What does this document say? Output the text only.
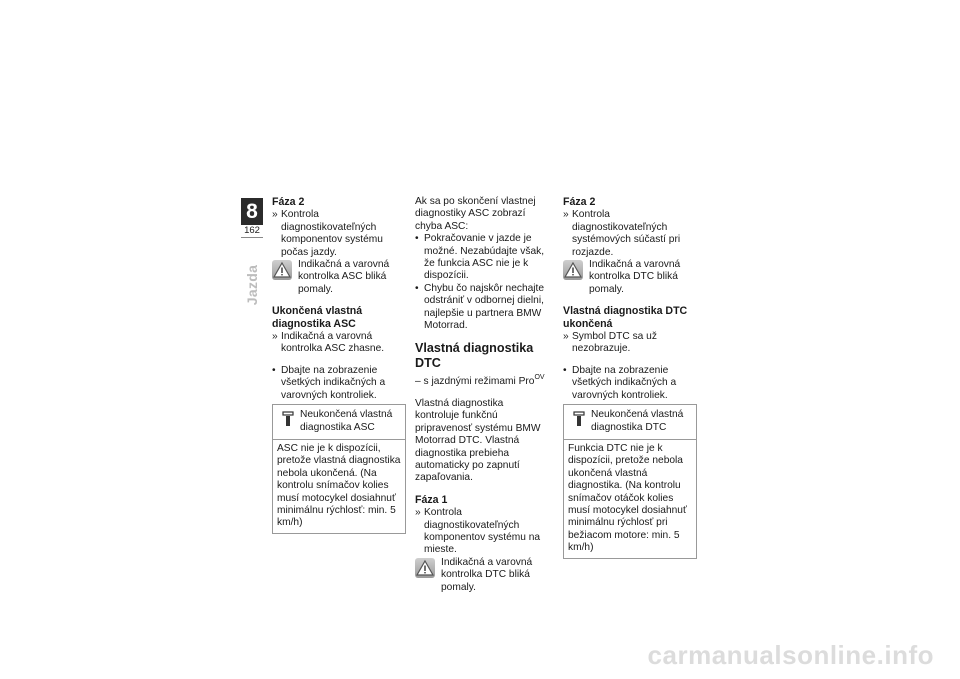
8
162
Jazda
Fáza 2
» Kontrola diagnostikovateľných komponentov systému počas jazdy.
Indikačná a varovná kontrolka ASC bliká pomaly.
Ukončená vlastná diagnostika ASC
» Indikačná a varovná kontrolka ASC zhasne.
• Dbajte na zobrazenie všetkých indikačných a varovných kontroliek.
Neukončená vlastná diagnostika ASC
ASC nie je k dispozícii, pretože vlastná diagnostika nebola ukončená. (Na kontrolu snímačov kolies musí motocykel dosiahnuť minimálnu rýchlosť: min. 5 km/h)
Ak sa po skončení vlastnej diagnostiky ASC zobrazí chyba ASC:
• Pokračovanie v jazde je možné. Nezabúdajte však, že funkcia ASC nie je k dispozícii.
• Chybu čo najskôr nechajte odstrániť v odbornej dielni, najlepšie u partnera BMW Motorrad.
Vlastná diagnostika DTC
– s jazdnými režimami Pro$^{OV}$
Vlastná diagnostika kontroluje funkčnú pripravenosť systému BMW Motorrad DTC. Vlastná diagnostika prebieha automaticky po zapnutí zapaľovania.
Fáza 1
» Kontrola diagnostikovateľných komponentov systému na mieste.
Indikačná a varovná kontrolka DTC bliká pomaly.
Fáza 2
» Kontrola diagnostikovateľných systémových súčastí pri rozjazde.
Indikačná a varovná kontrolka DTC bliká pomaly.
Vlastná diagnostika DTC ukončená
» Symbol DTC sa už nezobrazuje.
• Dbajte na zobrazenie všetkých indikačných a varovných kontroliek.
Neukončená vlastná diagnostika DTC
Funkcia DTC nie je k dispozícii, pretože nebola ukončená vlastná diagnostika. (Na kontrolu snímačov otáčok kolies musí motocykel dosiahnuť minimálnu rýchlosť pri bežiacom motore: min. 5 km/h)
carmanualsonline.info
